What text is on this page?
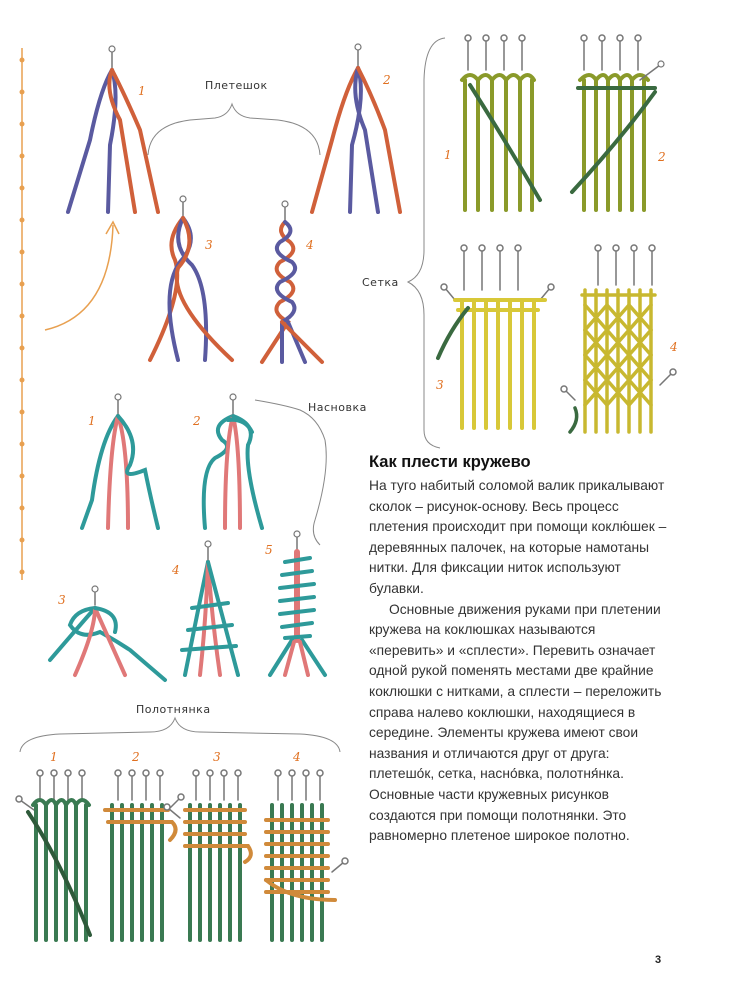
Плетешок
Сетка
Насновка
Полотнянка
1
2
3	4
1	2
3
4
1	2
3
4
5
1	2	3	4
Как плести кружево

На туго набитый соломой валик прикалывают сколок – рисунок-основу. Весь процесс плетения происходит при помощи коклю́шек – деревянных палочек, на которые намотаны нитки. Для фиксации ниток используют булавки.

Основные движения руками при плетении кружева на коклюшках называются «перевить» и «сплести». Перевить означает одной рукой поменять местами две крайние коклюшки с нитками, а сплести – переложить справа налево коклюшки, находящиеся в середине. Элементы кружева имеют свои названия и отличаются друг от друга: плетешо́к, сетка, насно́вка, полотня́нка. Основные части кружевных рисунков создаются при помощи полотнянки. Это равномерно плетеное широкое полотно.

3
